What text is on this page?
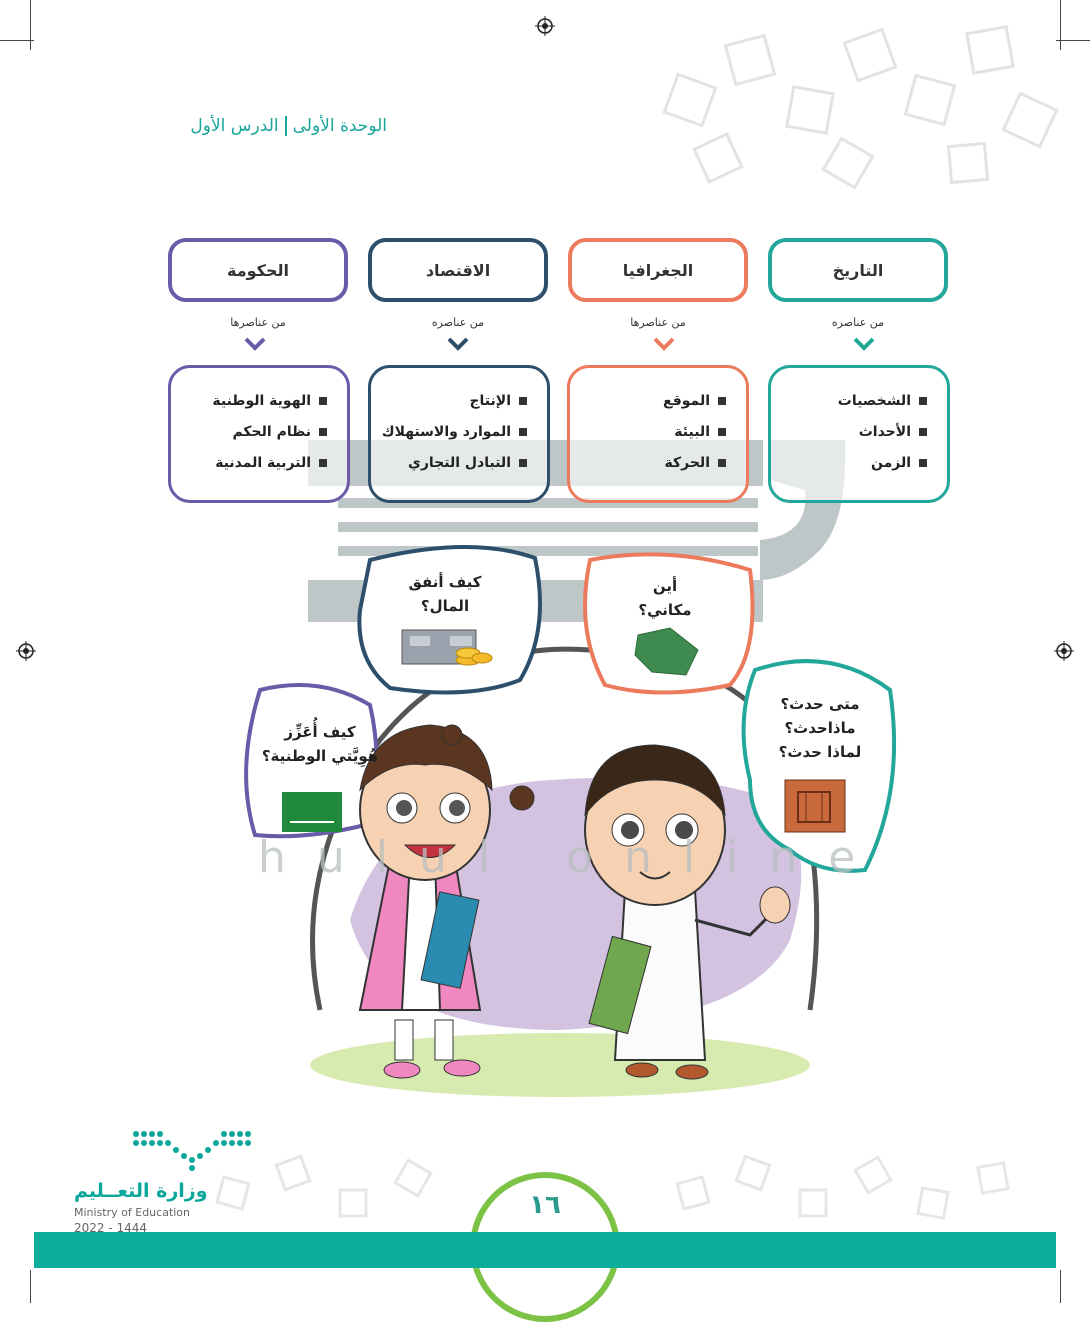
الوحدة الأولى
الدرس الأول
التاريخ
الجغرافيا
الاقتصاد
الحكومة
من عناصره
من عناصرها
من عناصره
من عناصرها
الشخصيات
الأحداث
الزمن
الموقع
البيئة
الحركة
الإنتاج
الموارد والاستهلاك
التبادل التجاري
الهوية الوطنية
نظام الحكم
التربية المدنية
كيف أنفق
المال؟
أين
مكاني؟
متى حدث؟
ماذاحدث؟
لماذا حدث؟
كيف أُعَزِّز
هُوِيَّتي الوطنية؟
hulul online
١٦
وزارة التعــليم
Ministry of Education
2022 - 1444
